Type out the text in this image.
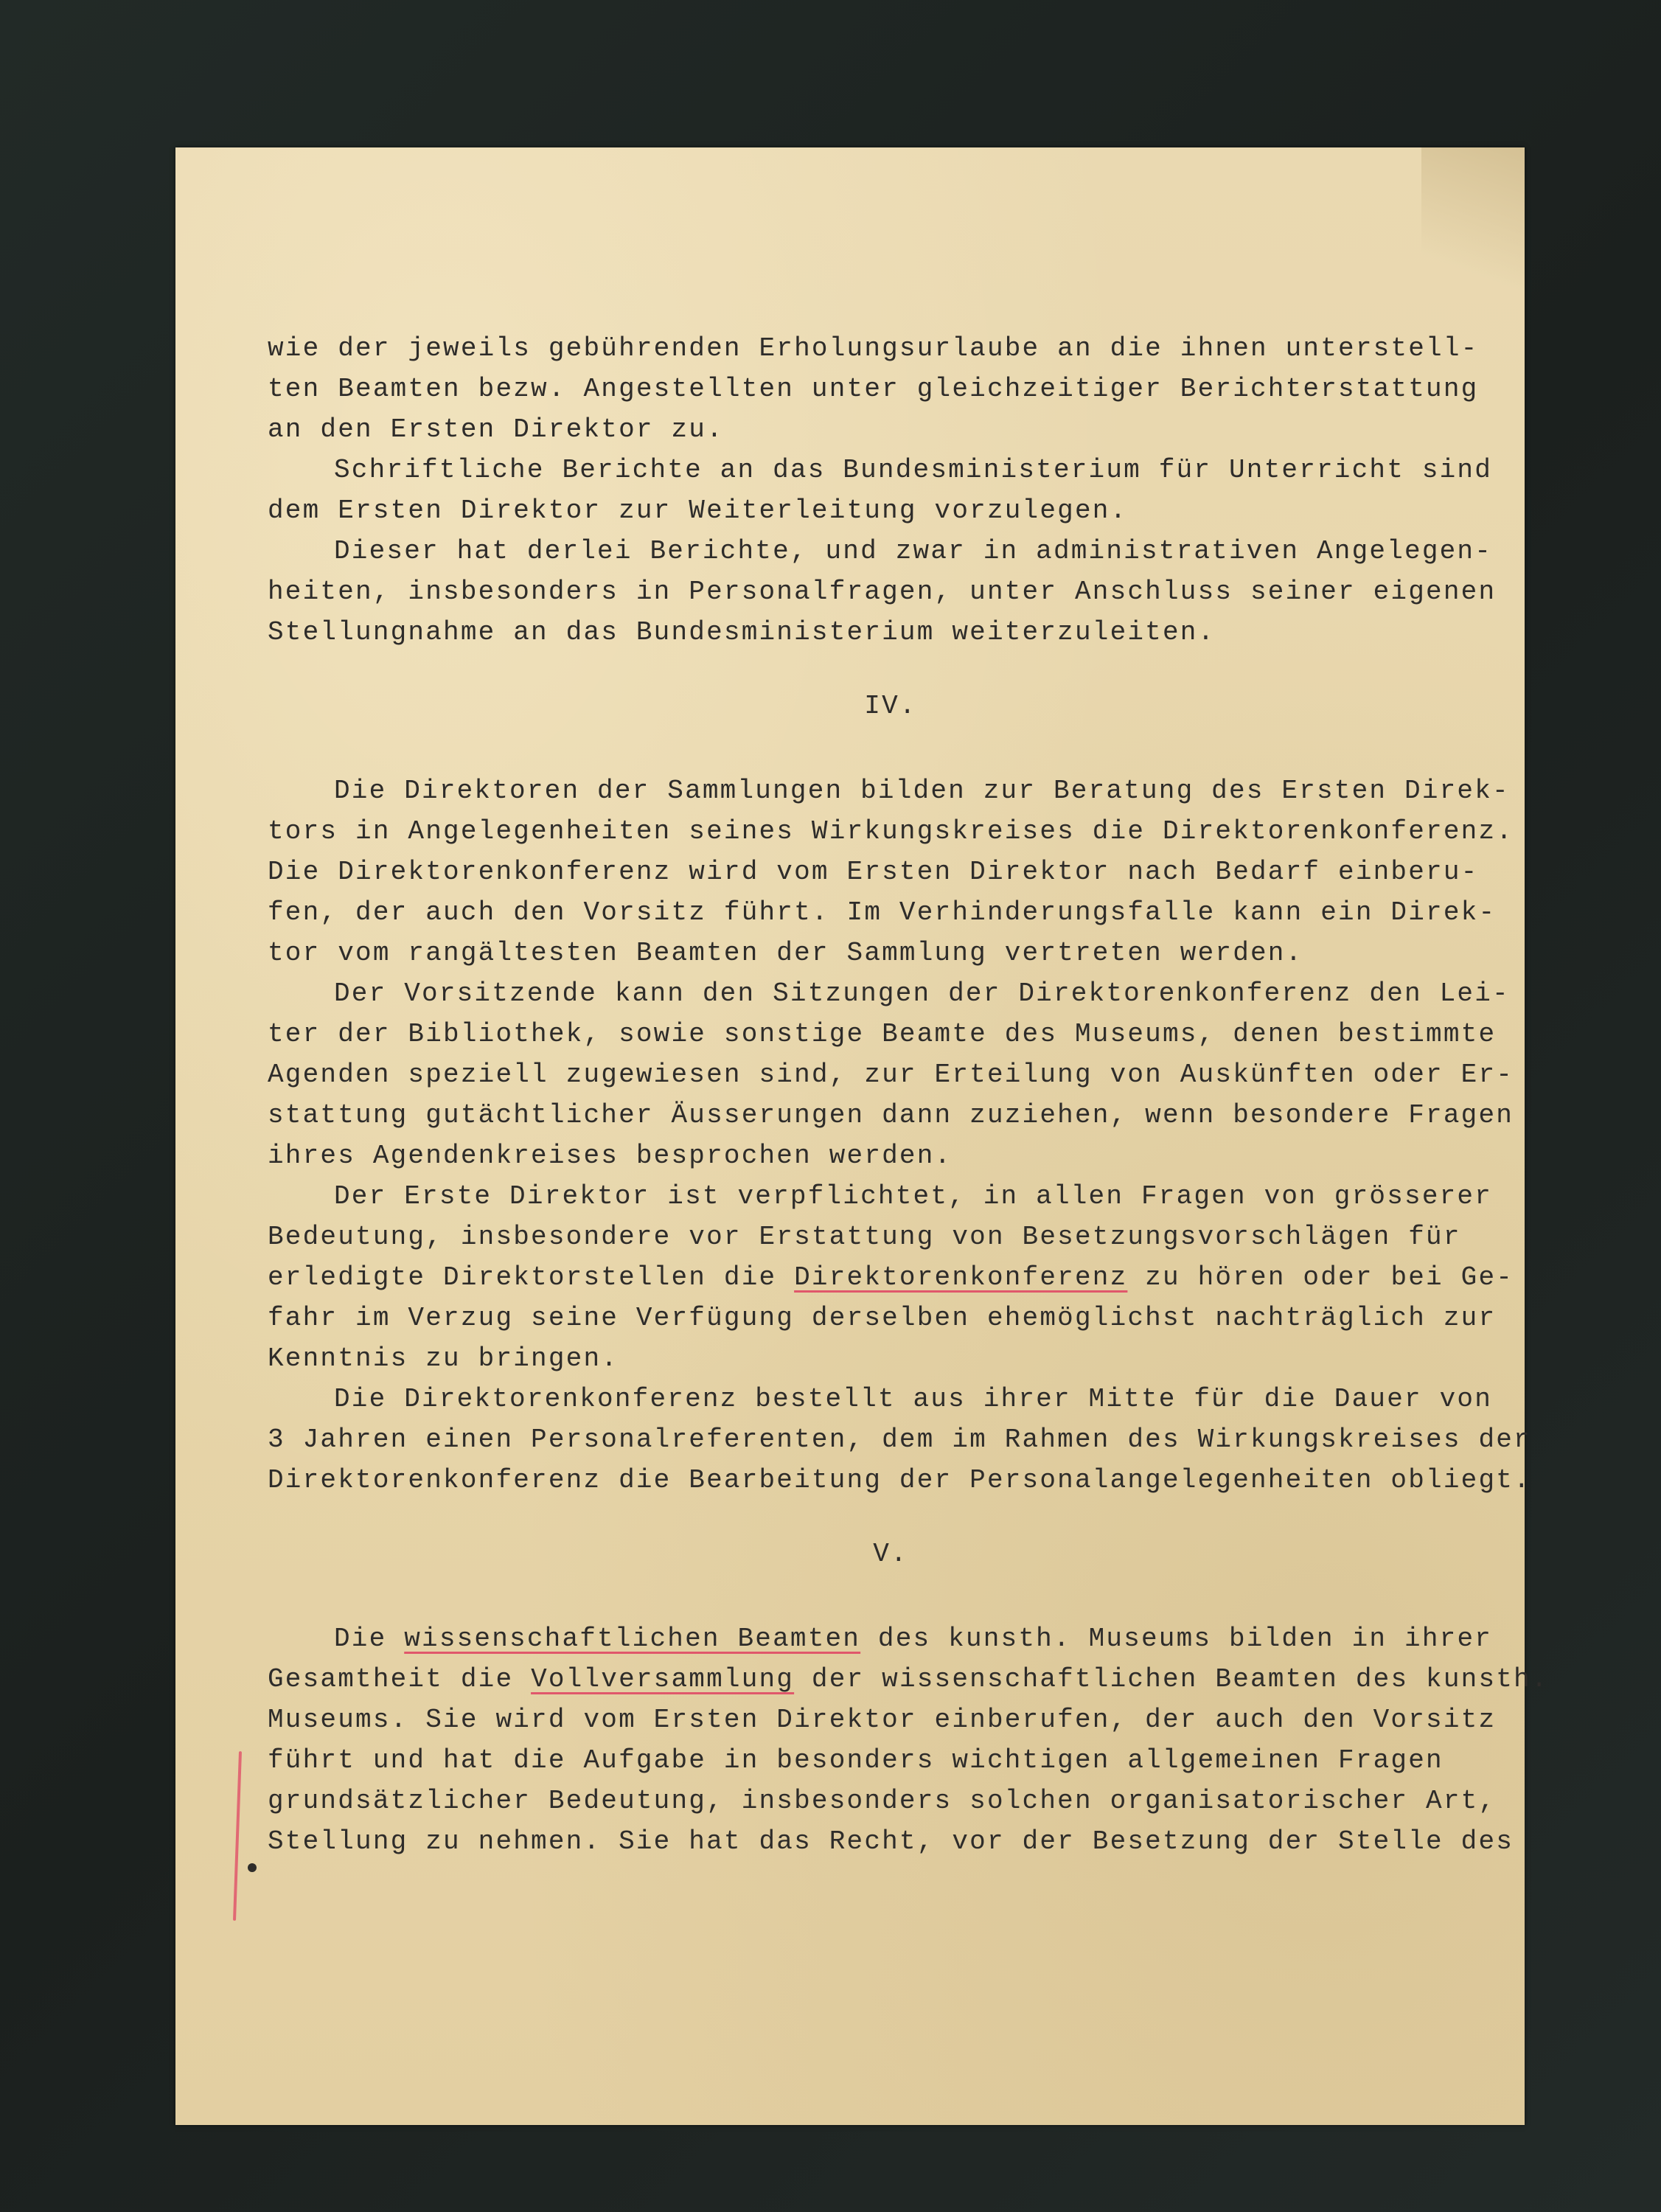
wie der jeweils gebührenden Erholungsurlaube an die ihnen unterstell-
ten Beamten bezw. Angestellten unter gleichzeitiger Berichterstattung
an den Ersten Direktor zu.
Schriftliche Berichte an das Bundesministerium für Unterricht sind
dem Ersten Direktor zur Weiterleitung vorzulegen.
Dieser hat derlei Berichte, und zwar in administrativen Angelegen-
heiten, insbesonders in Personalfragen, unter Anschluss seiner eigenen
Stellungnahme an das Bundesministerium weiterzuleiten.
IV.
Die Direktoren der Sammlungen bilden zur Beratung des Ersten Direk-
tors in Angelegenheiten seines Wirkungskreises die Direktorenkonferenz.
Die Direktorenkonferenz wird vom Ersten Direktor nach Bedarf einberu-
fen, der auch den Vorsitz führt. Im Verhinderungsfalle kann ein Direk-
tor vom rangältesten Beamten der Sammlung vertreten werden.
Der Vorsitzende kann den Sitzungen der Direktorenkonferenz den Lei-
ter der Bibliothek, sowie sonstige Beamte des Museums, denen bestimmte
Agenden speziell zugewiesen sind, zur Erteilung von Auskünften oder Er-
stattung gutächtlicher Äusserungen dann zuziehen, wenn besondere Fragen
ihres Agendenkreises besprochen werden.
Der Erste Direktor ist verpflichtet, in allen Fragen von grösserer
Bedeutung, insbesondere vor Erstattung von Besetzungsvorschlägen für
erledigte Direktorstellen die Direktorenkonferenz zu hören oder bei Ge-
fahr im Verzug seine Verfügung derselben ehemöglichst nachträglich zur
Kenntnis zu bringen.
Die Direktorenkonferenz bestellt aus ihrer Mitte für die Dauer von
3 Jahren einen Personalreferenten, dem im Rahmen des Wirkungskreises der
Direktorenkonferenz die Bearbeitung der Personalangelegenheiten obliegt.
V.
Die wissenschaftlichen Beamten des kunsth. Museums bilden in ihrer
Gesamtheit die Vollversammlung der wissenschaftlichen Beamten des kunsth.
Museums. Sie wird vom Ersten Direktor einberufen, der auch den Vorsitz
führt und hat die Aufgabe in besonders wichtigen allgemeinen Fragen
grundsätzlicher Bedeutung, insbesonders solchen organisatorischer Art,
Stellung zu nehmen. Sie hat das Recht, vor der Besetzung der Stelle des
